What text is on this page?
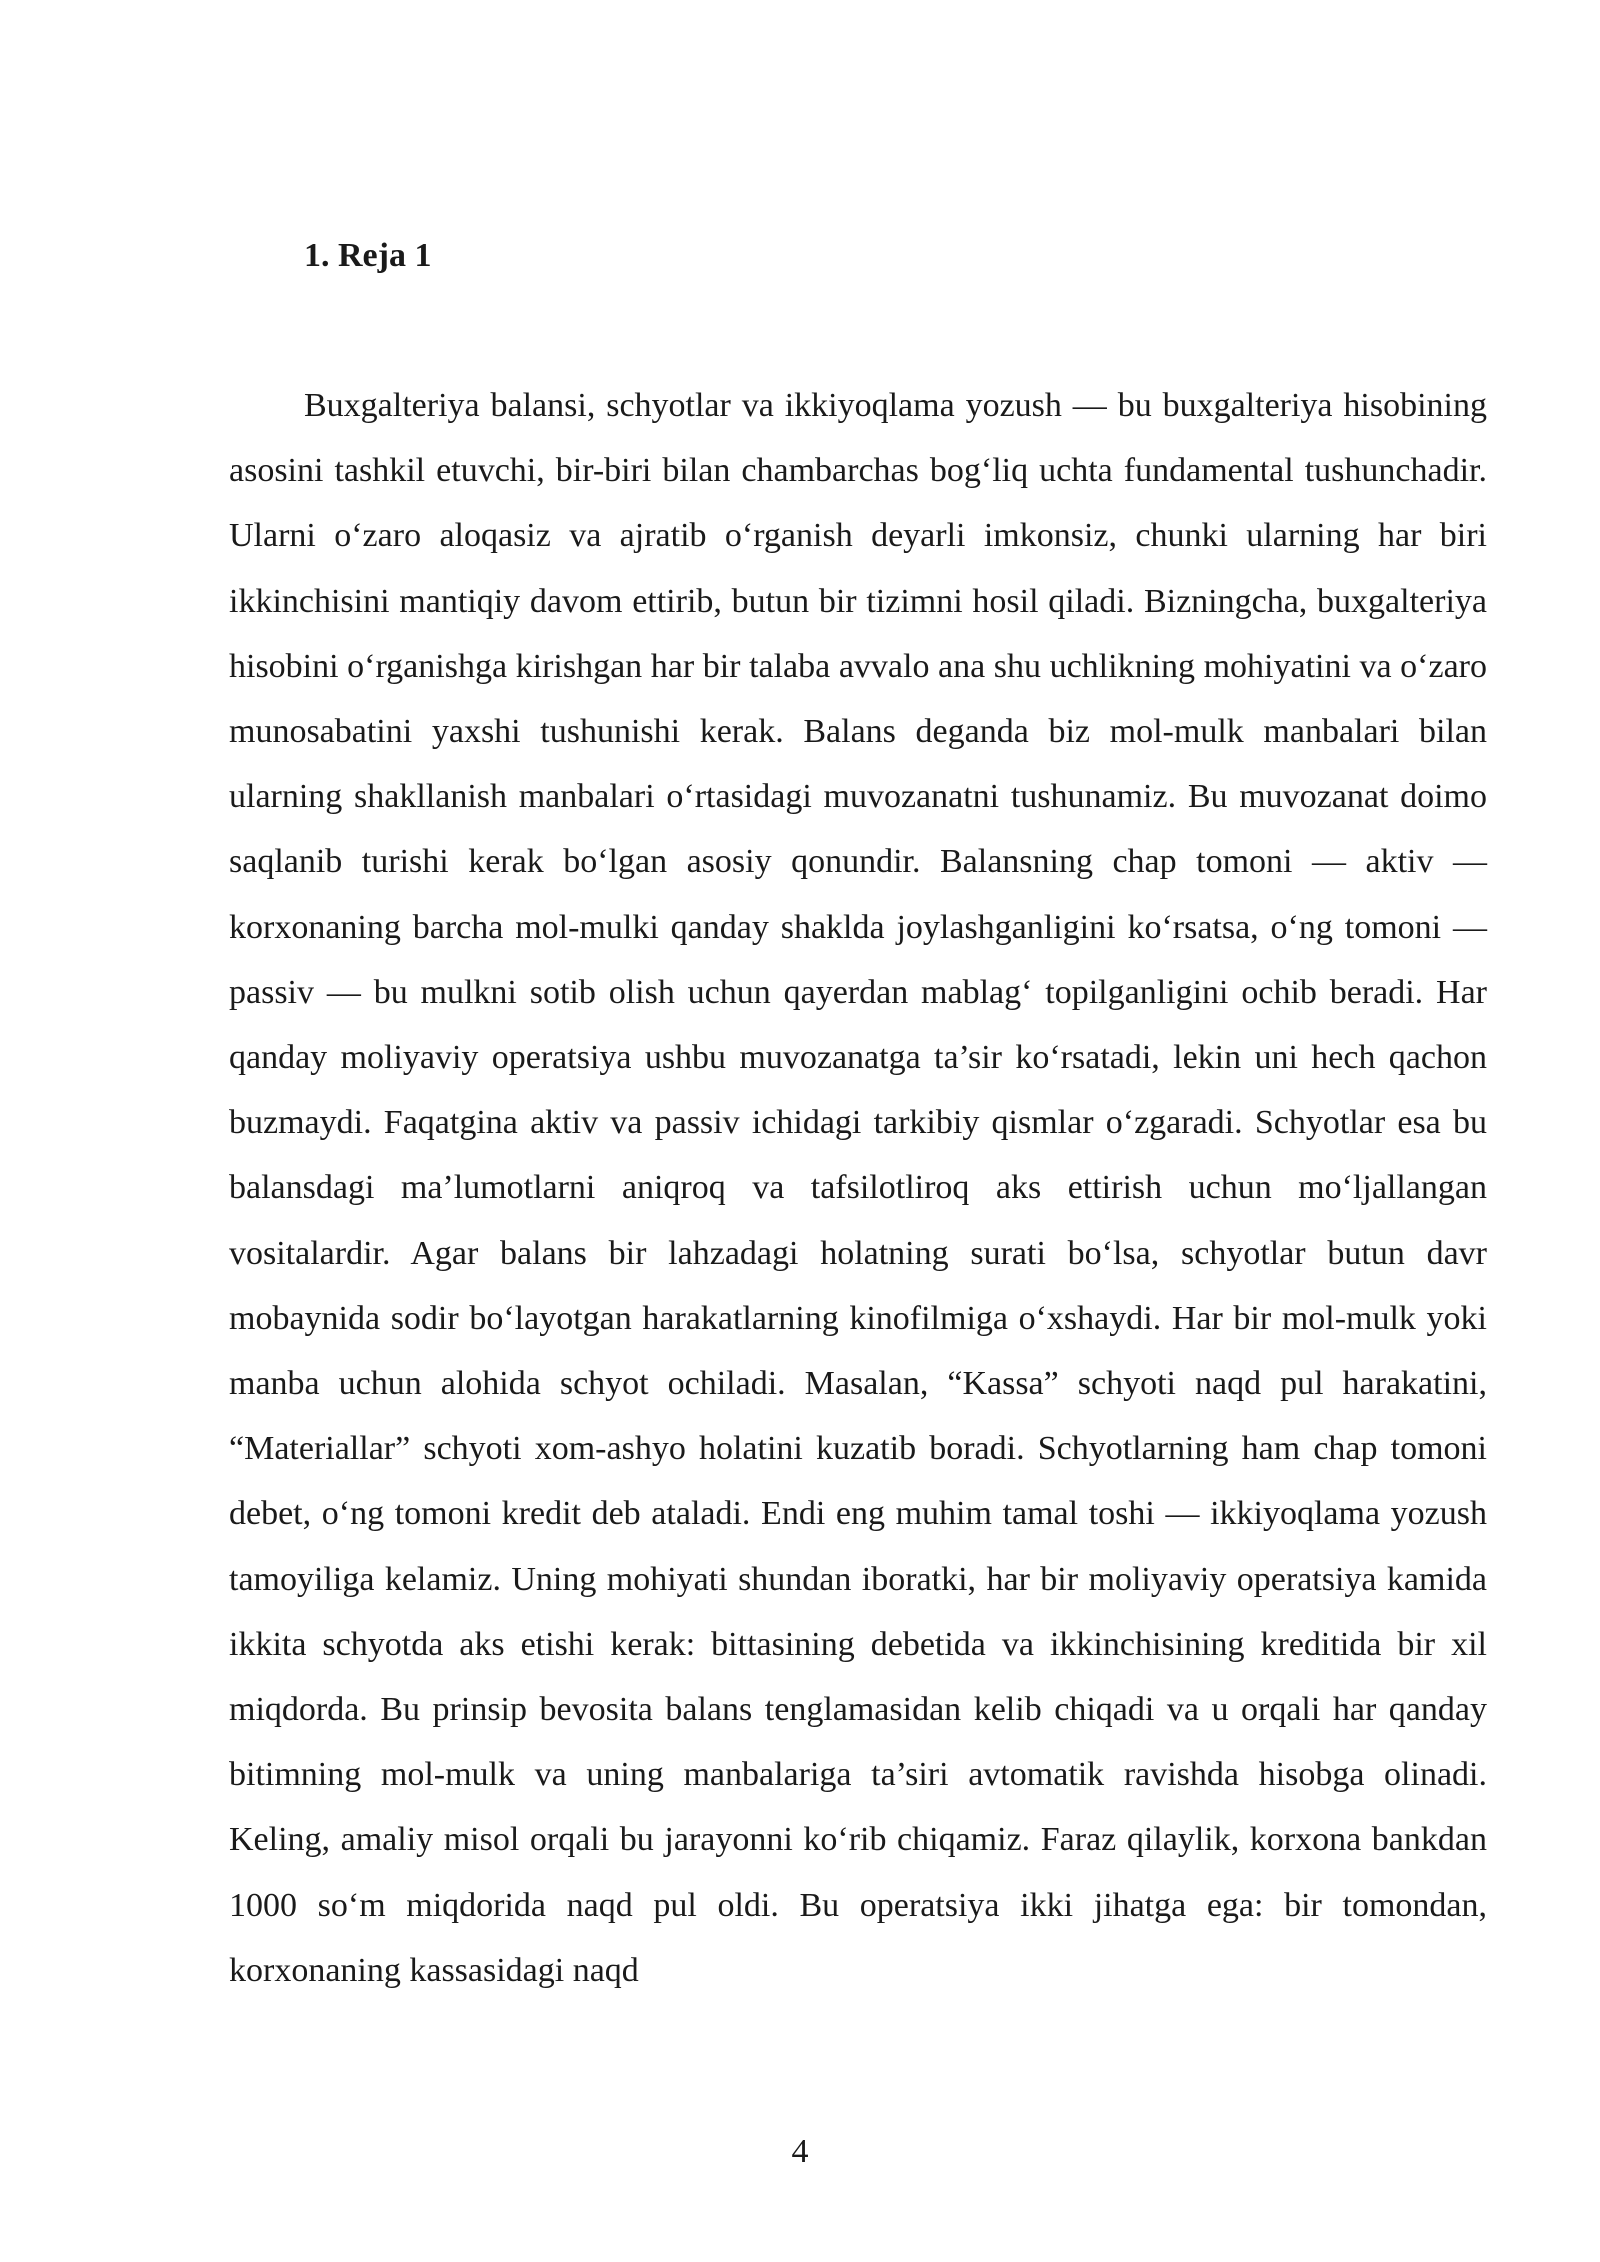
1. Reja 1

Buxgalteriya balansi, schyotlar va ikkiyoqlama yozush — bu buxgalteriya hisobining asosini tashkil etuvchi, bir-biri bilan chambarchas bog‘liq uchta fundamental tushunchadir. Ularni o‘zaro aloqasiz va ajratib o‘rganish deyarli imkonsiz, chunki ularning har biri ikkinchisini mantiqiy davom ettirib, butun bir tizimni hosil qiladi. Bizningcha, buxgalteriya hisobini o‘rganishga kirishgan har bir talaba avvalo ana shu uchlikning mohiyatini va o‘zaro munosabatini yaxshi tushunishi kerak. Balans deganda biz mol-mulk manbalari bilan ularning shakllanish manbalari o‘rtasidagi muvozanatni tushunamiz. Bu muvozanat doimo saqlanib turishi kerak bo‘lgan asosiy qonundir. Balansning chap tomoni — aktiv — korxonaning barcha mol-mulki qanday shaklda joylashganligini ko‘rsatsa, o‘ng tomoni — passiv — bu mulkni sotib olish uchun qayerdan mablag‘ topilganligini ochib beradi. Har qanday moliyaviy operatsiya ushbu muvozanatga ta’sir ko‘rsatadi, lekin uni hech qachon buzmaydi. Faqatgina aktiv va passiv ichidagi tarkibiy qismlar o‘zgaradi. Schyotlar esa bu balansdagi ma’lumotlarni aniqroq va tafsilotliroq aks ettirish uchun mo‘ljallangan vositalardir. Agar balans bir lahzadagi holatning surati bo‘lsa, schyotlar butun davr mobaynida sodir bo‘layotgan harakatlarning kinofilmiga o‘xshaydi. Har bir mol-mulk yoki manba uchun alohida schyot ochiladi. Masalan, “Kassa” schyoti naqd pul harakatini, “Materiallar” schyoti xom-ashyo holatini kuzatib boradi. Schyotlarning ham chap tomoni debet, o‘ng tomoni kredit deb ataladi. Endi eng muhim tamal toshi — ikkiyoqlama yozush tamoyiliga kelamiz. Uning mohiyati shundan iboratki, har bir moliyaviy operatsiya kamida ikkita schyotda aks etishi kerak: bittasining debetida va ikkinchisining kreditida bir xil miqdorda. Bu prinsip bevosita balans tenglamasidan kelib chiqadi va u orqali har qanday bitimning mol-mulk va uning manbalariga ta’siri avtomatik ravishda hisobga olinadi. Keling, amaliy misol orqali bu jarayonni ko‘rib chiqamiz. Faraz qilaylik, korxona bankdan 1000 so‘m miqdorida naqd pul oldi. Bu operatsiya ikki jihatga ega: bir tomondan, korxonaning kassasidagi naqd

4
